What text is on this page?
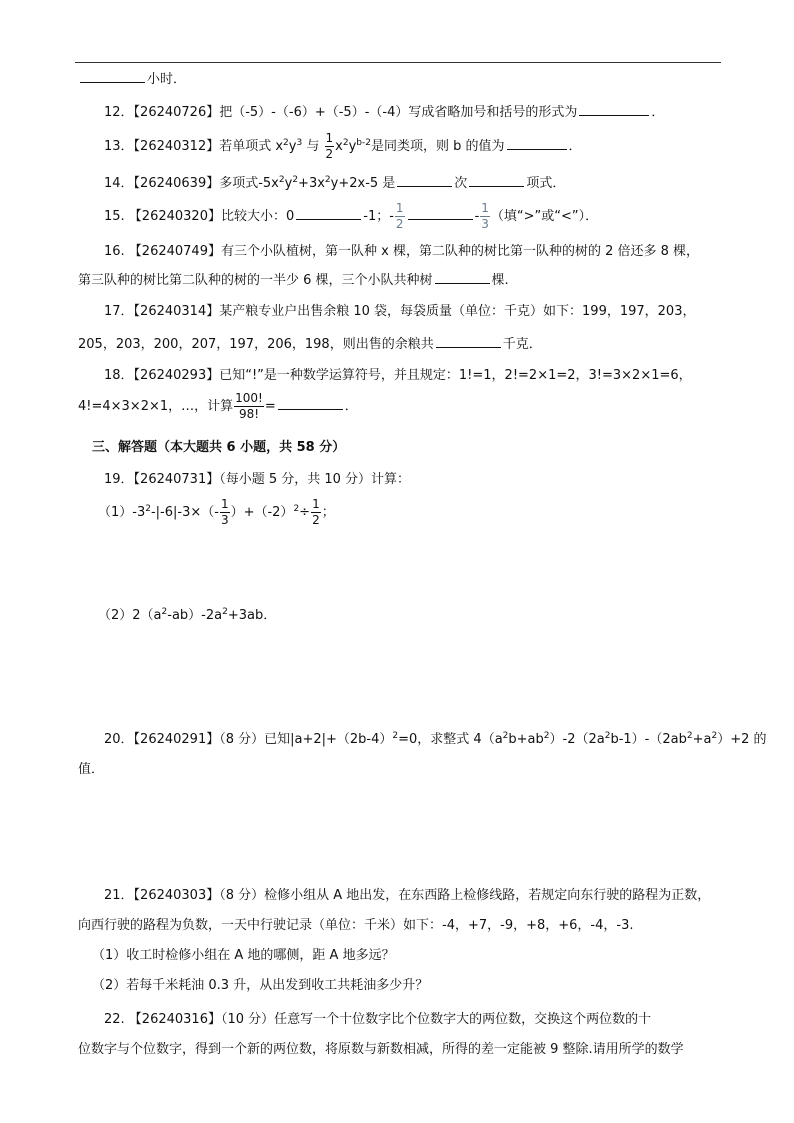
小时．
12．【26240726】把（-5）-（-6）+（-5）-（-4）写成省略加号和括号的形式为	．
13．【26240312】若单项式 $x^2y^3$ 与 $\frac{1}{2} x^2y^{b-2}$是同类项，则 b 的值为	．
14．【26240639】多项式$-5x^2y^2+3x^2y+2x-5$ 是	次	项式．
15. 【26240320】比较大小：0	-1；- $\frac{1}{2}$	- $\frac{1}{3}$ （填“>”或“<”）．
16. 【26240749】有三个小队植树，第一队种 x 棵，第二队种的树比第一队种的树的 2 倍还多 8 棵，
第三队种的树比第二队种的树的一半少 6 棵，三个小队共种树	棵.
17．【26240314】某产粮专业户出售余粮 10 袋，每袋质量（单位：千克）如下：199，197，203，
205，203，200，207，197，206，198，则出售的余粮共	千克．
18．【26240293】已知“!”是一种数学运算符号，并且规定：1!=1，2!=2×1=2，3!=3×2×1=6，
4!=4×3×2×1，…，计算 $\frac{100!}{98!}$ =	．
三、解答题（本大题共 6 小题，共 58 分）
19．【26240731】（每小题 5 分，共 10 分）计算：
$(1)-3^2-|-6|-3\times(- \frac{1}{3} )+(-2)^2\div \frac{1}{2}$ ；
$(2)2(a^2-ab)-2a^2+3ab$．
20．【26240291】（8 分）已知$|a+2|+(2b-4)^2=0$，求整式 $4(a^2b+ab^2)-2(2a^2b-1)-(2ab^2+a^2)+2$ 的
值．
21．【26240303】（8 分）检修小组从 A 地出发，在东西路上检修线路，若规定向东行驶的路程为正数，
向西行驶的路程为负数，一天中行驶记录（单位：千米）如下：-4，+7，-9，+8，+6，-4，-3.
（1）收工时检修小组在 A 地的哪侧，距 A 地多远？
（2）若每千米耗油 0.3 升，从出发到收工共耗油多少升？
22. 【26240316】（10 分）任意写一个十位数字比个位数字大的两位数，交换这个两位数的十
位数字与个位数字，得到一个新的两位数，将原数与新数相减，所得的差一定能被 9 整除.请用所学的数学
